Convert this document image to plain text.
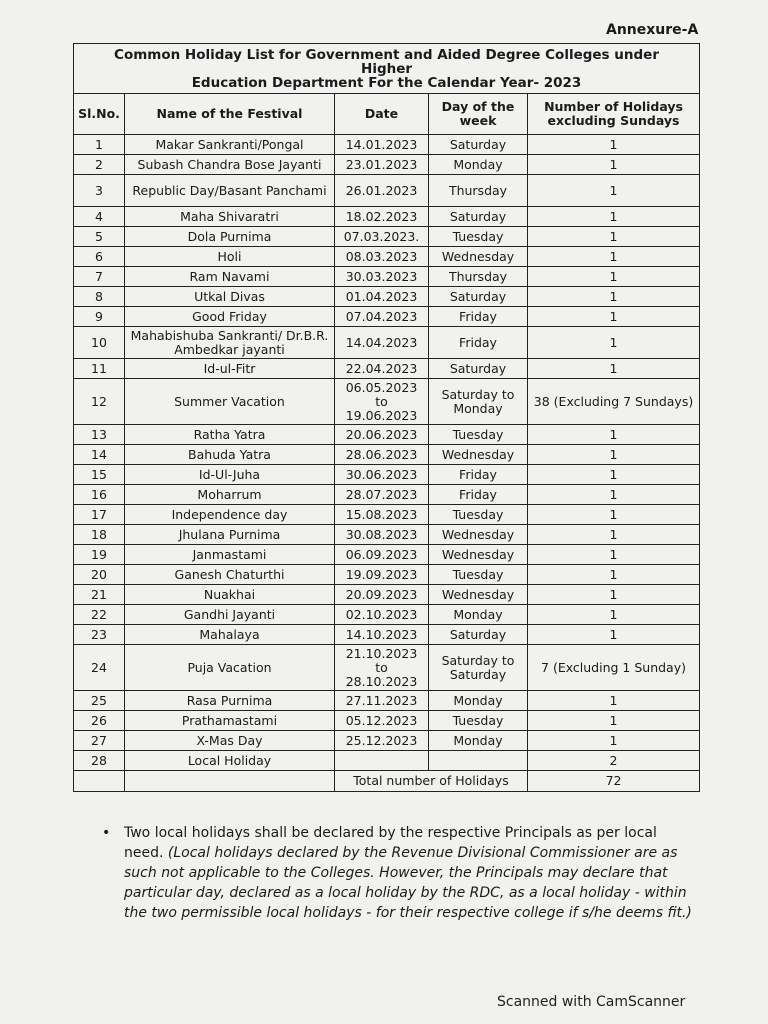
Annexure-A
Common Holiday List for Government and Aided Degree Colleges under Higher
Education Department For the Calendar Year- 2023				

Sl.No.	Name of the Festival	Date	Day of the week	Number of Holidays excluding Sundays
1	Makar Sankranti/Pongal	14.01.2023	Saturday	1
2	Subash Chandra Bose Jayanti	23.01.2023	Monday	1
3	Republic Day/Basant Panchami	26.01.2023	Thursday	1
4	Maha Shivaratri	18.02.2023	Saturday	1
5	Dola Purnima	07.03.2023.	Tuesday	1
6	Holi	08.03.2023	Wednesday	1
7	Ram Navami	30.03.2023	Thursday	1
8	Utkal Divas	01.04.2023	Saturday	1
9	Good Friday	07.04.2023	Friday	1
10	Mahabishuba Sankranti/ Dr.B.R. Ambedkar jayanti	14.04.2023	Friday	1
11	Id-ul-Fitr	22.04.2023	Saturday	1
12	Summer Vacation	06.05.2023 to 19.06.2023	Saturday to Monday	38 (Excluding 7 Sundays)
13	Ratha Yatra	20.06.2023	Tuesday	1
14	Bahuda Yatra	28.06.2023	Wednesday	1
15	Id-Ul-Juha	30.06.2023	Friday	1
16	Moharrum	28.07.2023	Friday	1
17	Independence day	15.08.2023	Tuesday	1
18	Jhulana Purnima	30.08.2023	Wednesday	1
19	Janmastami	06.09.2023	Wednesday	1
20	Ganesh Chaturthi	19.09.2023	Tuesday	1
21	Nuakhai	20.09.2023	Wednesday	1
22	Gandhi Jayanti	02.10.2023	Monday	1
23	Mahalaya	14.10.2023	Saturday	1
24	Puja Vacation	21.10.2023 to 28.10.2023	Saturday to Saturday	7 (Excluding 1 Sunday)
25	Rasa Purnima	27.11.2023	Monday	1
26	Prathamastami	05.12.2023	Tuesday	1
27	X-Mas Day	25.12.2023	Monday	1
28	Local Holiday			2
		Total number of Holidays		72
• Two local holidays shall be declared by the respective Principals as per local need. (Local holidays declared by the Revenue Divisional Commissioner are as such not applicable to the Colleges. However, the Principals may declare that particular day, declared as a local holiday by the RDC, as a local holiday - within the two permissible local holidays - for their respective college if s/he deems fit.)
Scanned with CamScanner
